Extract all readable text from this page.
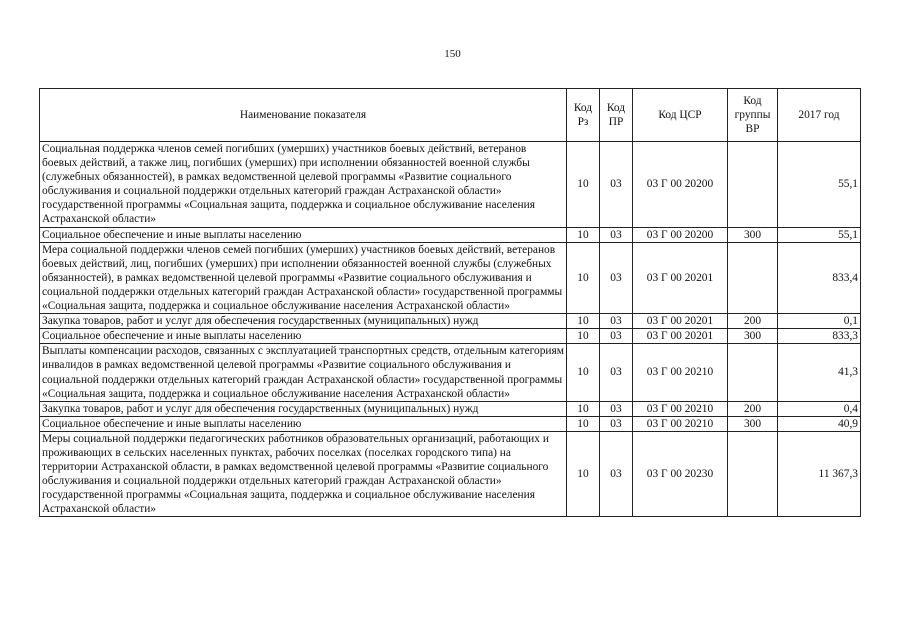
150
Наименование показателя	Код Рз	Код ПР	Код ЦСР	Код группы ВР	2017 год
Социальная поддержка членов семей погибших (умерших) участников боевых действий, ветеранов боевых действий, а также лиц, погибших (умерших) при исполнении обязанностей военной службы (служебных обязанностей), в рамках ведомственной целевой программы «Развитие социального обслуживания и социальной поддержки отдельных категорий граждан Астраханской области» государственной программы «Социальная защита, поддержка и социальное обслуживание населения Астраханской области»	10	03	03 Г 00 20200		55,1
Социальное обеспечение и иные выплаты населению	10	03	03 Г 00 20200	300	55,1
Мера социальной поддержки членов семей погибших (умерших) участников боевых действий, ветеранов боевых действий, лиц, погибших (умерших) при исполнении обязанностей военной службы (служебных обязанностей), в рамках ведомственной целевой программы «Развитие социального обслуживания и социальной поддержки отдельных категорий граждан Астраханской области» государственной программы «Социальная защита, поддержка и социальное обслуживание населения Астраханской области»	10	03	03 Г 00 20201		833,4
Закупка товаров, работ и услуг для обеспечения государственных (муниципальных) нужд	10	03	03 Г 00 20201	200	0,1
Социальное обеспечение и иные выплаты населению	10	03	03 Г 00 20201	300	833,3
Выплаты компенсации расходов, связанных с эксплуатацией транспортных средств, отдельным категориям инвалидов в рамках ведомственной целевой программы «Развитие социального обслуживания и социальной поддержки отдельных категорий граждан Астраханской области» государственной программы «Социальная защита, поддержка и социальное обслуживание населения Астраханской области»	10	03	03 Г 00 20210		41,3
Закупка товаров, работ и услуг для обеспечения государственных (муниципальных) нужд	10	03	03 Г 00 20210	200	0,4
Социальное обеспечение и иные выплаты населению	10	03	03 Г 00 20210	300	40,9
Меры социальной поддержки педагогических работников образовательных организаций, работающих и проживающих в сельских населенных пунктах, рабочих поселках (поселках городского типа) на территории Астраханской области, в рамках ведомственной целевой программы «Развитие социального обслуживания и социальной поддержки отдельных категорий граждан Астраханской области» государственной программы «Социальная защита, поддержка и социальное обслуживание населения Астраханской области»	10	03	03 Г 00 20230		11 367,3
